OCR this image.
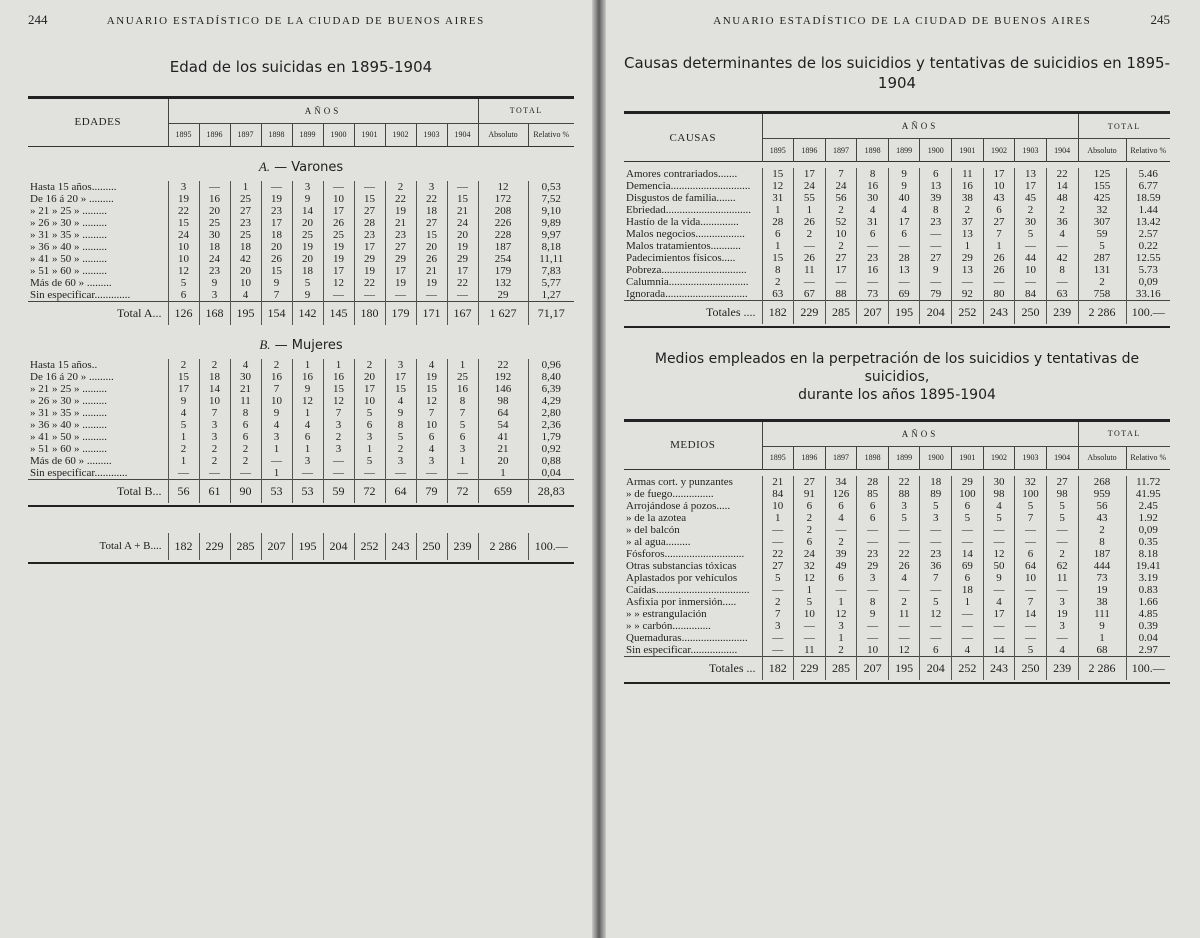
244	ANUARIO ESTADÍSTICO DE LA CIUDAD DE BUENOS AIRES
Edad de los suicidas en 1895-1904
EDADES	AÑOS										TOTAL	
	1895	1896	1897	1898	1899	1900	1901	1902	1903	1904	Absoluto	Relativo %
A. — Varones												
Hasta 15 años.........	3	—	1	—	3	—	—	2	3	—	12	0,53
De 16 á 20 » .........	19	16	25	19	9	10	15	22	22	15	172	7,52
» 21 » 25 » .........	22	20	27	23	14	17	27	19	18	21	208	9,10
» 26 » 30 » .........	15	25	23	17	20	26	28	21	27	24	226	9,89
» 31 » 35 » .........	24	30	25	18	25	25	23	23	15	20	228	9,97
» 36 » 40 » .........	10	18	18	20	19	19	17	27	20	19	187	8,18
» 41 » 50 » .........	10	24	42	26	20	19	29	29	26	29	254	11,11
» 51 » 60 » .........	12	23	20	15	18	17	19	17	21	17	179	7,83
Más de 60 » .........	5	9	10	9	5	12	22	19	19	22	132	5,77
Sin especificar.............	6	3	4	7	9	—	—	—	—	—	29	1,27
Total A...	126	168	195	154	142	145	180	179	171	167	1 627	71,17
B. — Mujeres												
Hasta 15 años..	2	2	4	2	1	1	2	3	4	1	22	0,96
De 16 á 20 » .........	15	18	30	16	16	16	20	17	19	25	192	8,40
» 21 » 25 » .........	17	14	21	7	9	15	17	15	15	16	146	6,39
» 26 » 30 » .........	9	10	11	10	12	12	10	4	12	8	98	4,29
» 31 » 35 » .........	4	7	8	9	1	7	5	9	7	7	64	2,80
» 36 » 40 » .........	5	3	6	4	4	3	6	8	10	5	54	2,36
» 41 » 50 » .........	1	3	6	3	6	2	3	5	6	6	41	1,79
» 51 » 60 » .........	2	2	2	1	1	3	1	2	4	3	21	0,92
Más de 60 » .........	1	2	2	—	3	—	5	3	3	1	20	0,88
Sin especificar............	—	—	—	1	—	—	—	—	—	—	1	0,04
Total B...	56	61	90	53	53	59	72	64	79	72	659	28,83
Total A + B....	182	229	285	207	195	204	252	243	250	239	2 286	100.—
ANUARIO ESTADÍSTICO DE LA CIUDAD DE BUENOS AIRES	245
Causas determinantes de los suicidios y tentativas de suicidios en 1895-1904
CAUSAS	AÑOS										TOTAL	
	1895	1896	1897	1898	1899	1900	1901	1902	1903	1904	Absoluto	Relativo %

Amores contrariados.......	15	17	7	8	9	6	11	17	13	22	125	5.46
Demencia.............................	12	24	24	16	9	13	16	10	17	14	155	6.77
Disgustos de familia.......	31	55	56	30	40	39	38	43	45	48	425	18.59
Ebriedad...............................	1	1	2	4	4	8	2	6	2	2	32	1.44
Hastío de la vida..............	28	26	52	31	17	23	37	27	30	36	307	13.42
Malos negocios..................	6	2	10	6	6	—	13	7	5	4	59	2.57
Malos tratamientos...........	1	—	2	—	—	—	1	1	—	—	5	0.22
Padecimientos físicos.....	15	26	27	23	28	27	29	26	44	42	287	12.55
Pobreza...............................	8	11	17	16	13	9	13	26	10	8	131	5.73
Calumnia.............................	2	—	—	—	—	—	—	—	—	—	2	0,09
Ignorada..............................	63	67	88	73	69	79	92	80	84	63	758	33.16
Totales ....	182	229	285	207	195	204	252	243	250	239	2 286	100.—
Medios empleados en la perpetración de los suicidios y tentativas de suicidios,
durante los años 1895-1904
MEDIOS	AÑOS										TOTAL	
	1895	1896	1897	1898	1899	1900	1901	1902	1903	1904	Absoluto	Relativo %

Armas cort. y punzantes	21	27	34	28	22	18	29	30	32	27	268	11.72
» de fuego...............	84	91	126	85	88	89	100	98	100	98	959	41.95
Arrojándose á pozos.....	10	6	6	6	3	5	6	4	5	5	56	2.45
» de la azotea	1	2	4	6	5	3	5	5	7	5	43	1.92
» del balcón	—	2	—	—	—	—	—	—	—	—	2	0,09
» al agua.........	—	6	2	—	—	—	—	—	—	—	8	0.35
Fósforos.............................	22	24	39	23	22	23	14	12	6	2	187	8.18
Otras substancias tóxicas	27	32	49	29	26	36	69	50	64	62	444	19.41
Aplastados por vehículos	5	12	6	3	4	7	6	9	10	11	73	3.19
Caídas..................................	—	1	—	—	—	—	18	—	—	—	19	0.83
Asfixia por inmersión.....	2	5	1	8	2	5	1	4	7	3	38	1.66
» » estrangulación	7	10	12	9	11	12	—	17	14	19	111	4.85
» » carbón..............	3	—	3	—	—	—	—	—	—	3	9	0.39
Quemaduras........................	—	—	1	—	—	—	—	—	—	—	1	0.04
Sin especificar.................	—	11	2	10	12	6	4	14	5	4	68	2.97
Totales ...	182	229	285	207	195	204	252	243	250	239	2 286	100.—
